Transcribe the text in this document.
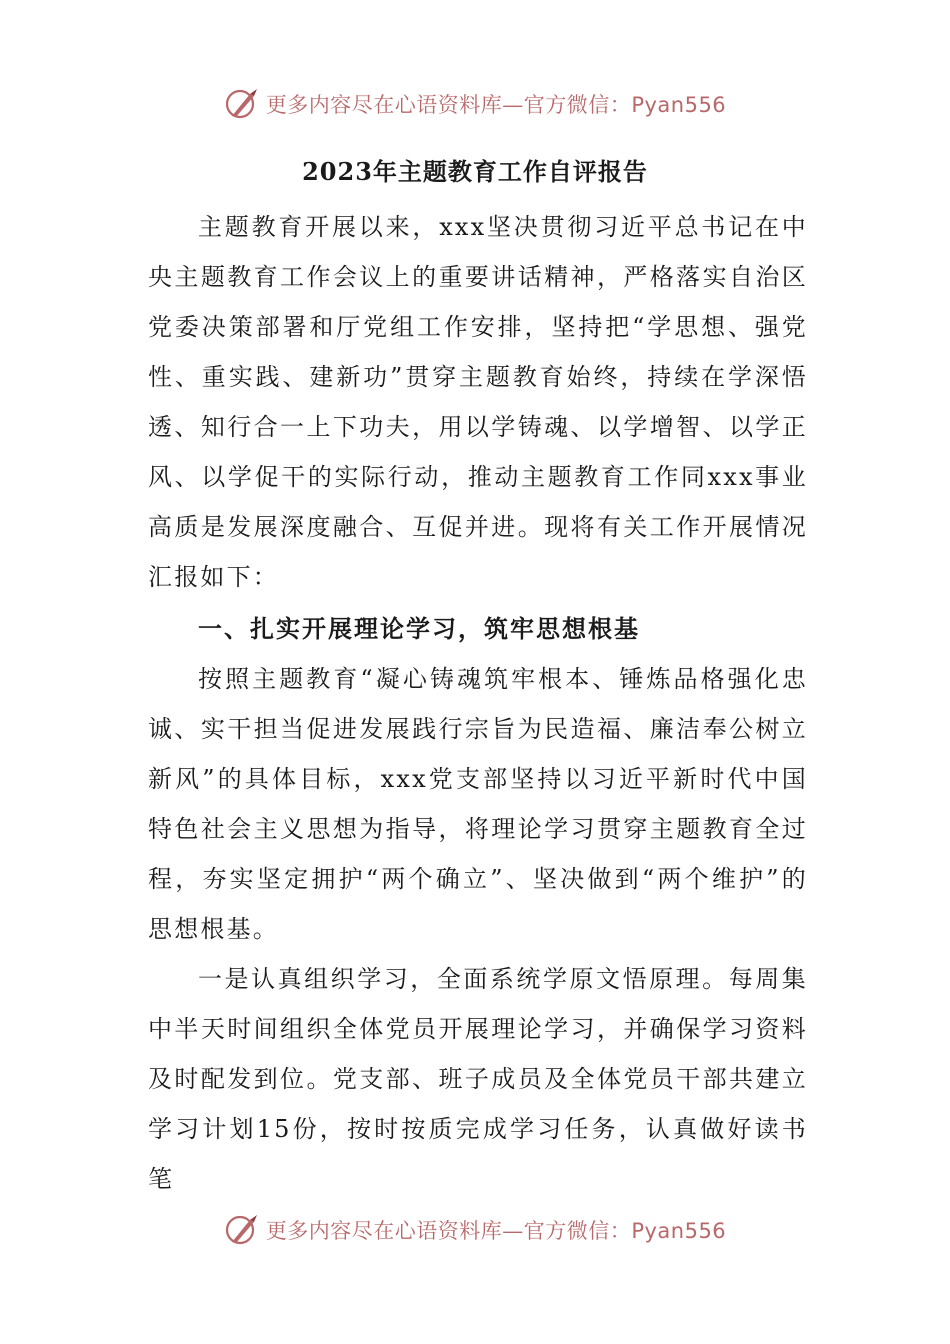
更多内容尽在心语资料库—官方微信：Pyan556
2023年主题教育工作自评报告

主题教育开展以来，xxx坚决贯彻习近平总书记在中央主题教育工作会议上的重要讲话精神，严格落实自治区党委决策部署和厅党组工作安排，坚持把“学思想、强党性、重实践、建新功”贯穿主题教育始终，持续在学深悟透、知行合一上下功夫，用以学铸魂、以学增智、以学正风、以学促干的实际行动，推动主题教育工作同xxx事业高质是发展深度融合、互促并进。现将有关工作开展情况汇报如下：

一、扎实开展理论学习，筑牢思想根基

按照主题教育“凝心铸魂筑牢根本、锤炼品格强化忠诚、实干担当促进发展践行宗旨为民造福、廉洁奉公树立新风”的具体目标，xxx党支部坚持以习近平新时代中国特色社会主义思想为指导，将理论学习贯穿主题教育全过程，夯实坚定拥护“两个确立”、坚决做到“两个维护”的思想根基。

一是认真组织学习，全面系统学原文悟原理。每周集中半天时间组织全体党员开展理论学习，并确保学习资料及时配发到位。党支部、班子成员及全体党员干部共建立学习计划15份，按时按质完成学习任务，认真做好读书笔

更多内容尽在心语资料库—官方微信：Pyan556
